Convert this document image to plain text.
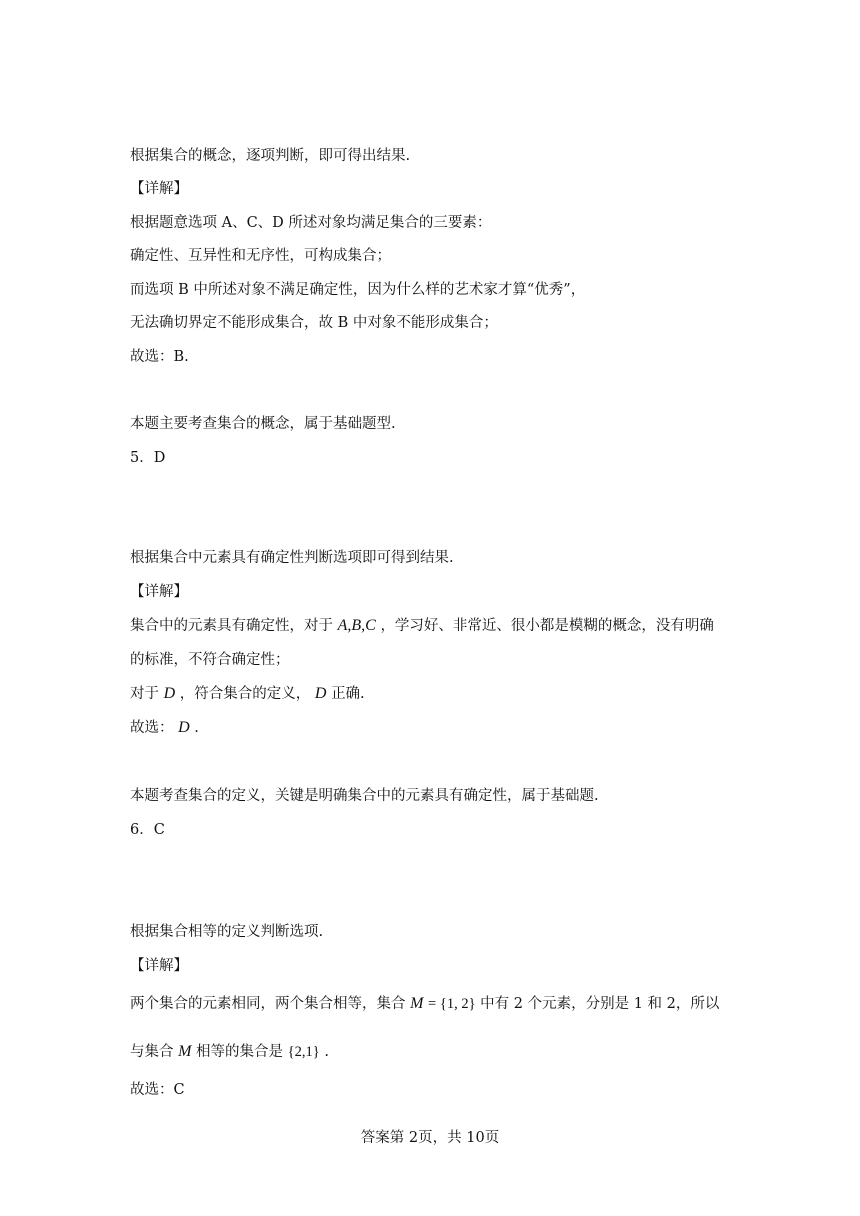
根据集合的概念，逐项判断，即可得出结果.
【详解】
根据题意选项 A、C、D 所述对象均满足集合的三要素：
确定性、互异性和无序性，可构成集合；
而选项 B 中所述对象不满足确定性，因为什么样的艺术家才算“优秀”，
无法确切界定不能形成集合，故 B 中对象不能形成集合；
故选：B.
本题主要考查集合的概念，属于基础题型.
5．D
根据集合中元素具有确定性判断选项即可得到结果.
【详解】
集合中的元素具有确定性，对于 A,B,C ，学习好、非常近、很小都是模糊的概念，没有明确
的标准，不符合确定性；
对于 D ，符合集合的定义， D 正确.
故选： D .
本题考查集合的定义，关键是明确集合中的元素具有确定性，属于基础题.
6．C
根据集合相等的定义判断选项.
【详解】
两个集合的元素相同，两个集合相等，集合 M = {1, 2} 中有 2 个元素，分别是 1 和 2，所以
与集合 M 相等的集合是 {2,1} .
故选：C
答案第 2页，共 10页
